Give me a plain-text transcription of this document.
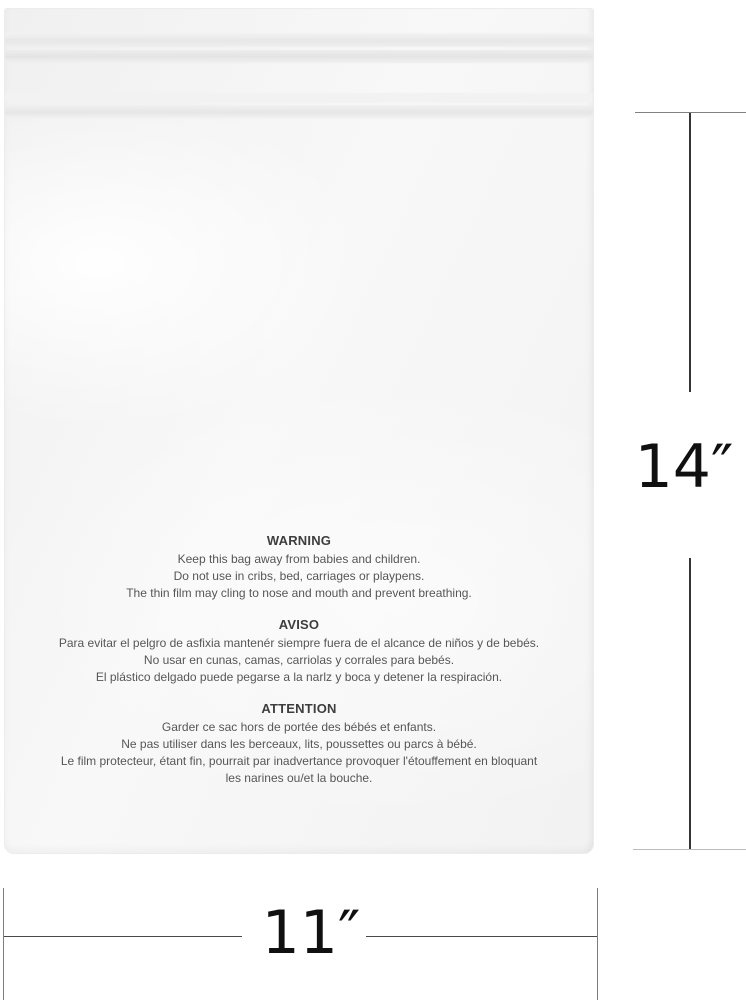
WARNING

Keep this bag away from babies and children.

Do not use in cribs, bed, carriages or playpens.

The thin film may cling to nose and mouth and prevent breathing.

AVISO

Para evitar el pelgro de asfixia mantenér siempre fuera de el alcance de niños y de bebés.

No usar en cunas, camas, carriolas y corrales para bebés.

El plástico delgado puede pegarse a la narlz y boca y detener la respiración.

ATTENTION

Garder ce sac hors de portée des bébés et enfants.

Ne pas utiliser dans les berceaux, lits, poussettes ou parcs à bébé.

Le film protecteur, étant fin, pourrait par inadvertance provoquer l'étouffement en bloquant

les narines ou/et la bouche.

14″
11″
